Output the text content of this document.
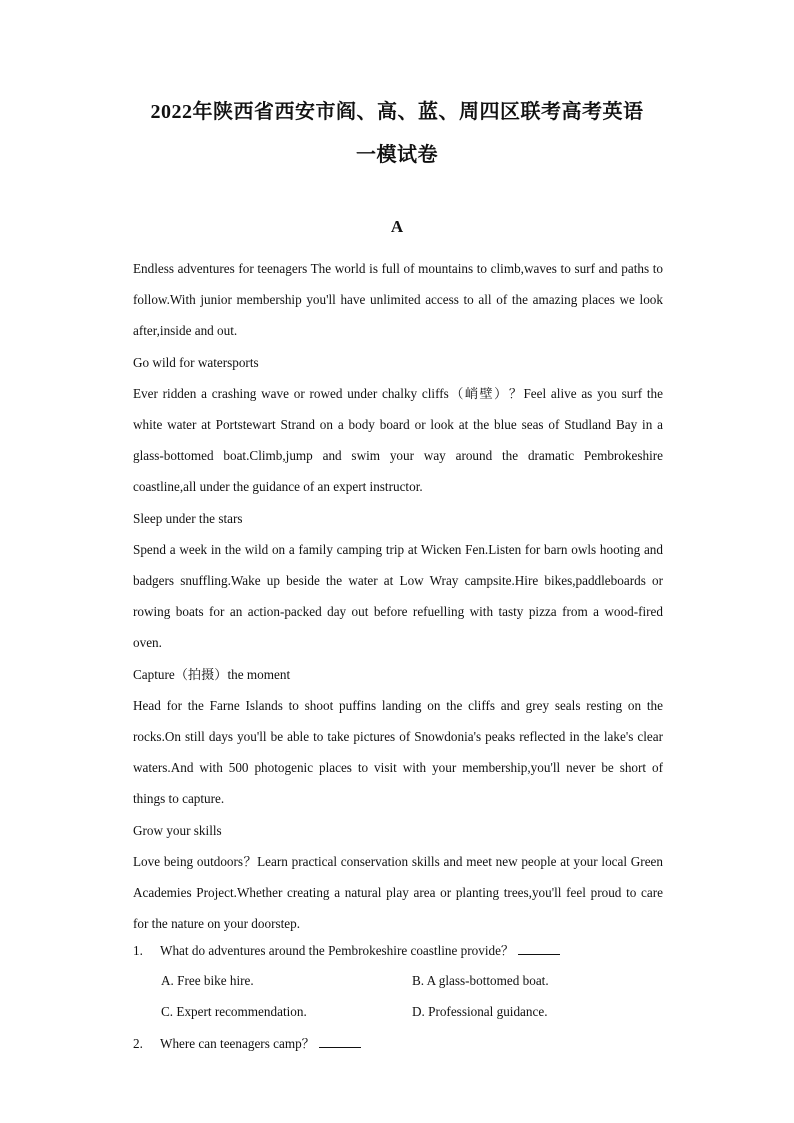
2022年陕西省西安市阎、高、蓝、周四区联考高考英语
一模试卷
A

Endless adventures for teenagers The world is full of mountains to climb,waves to surf and paths to follow.With junior membership you'll have unlimited access to all of the amazing places we look after,inside and out.

Go wild for watersports

Ever ridden a crashing wave or rowed under chalky cliffs（峭壁）？Feel alive as you surf the white water at Portstewart Strand on a body board or look at the blue seas of Studland Bay in a glass-bottomed boat.Climb,jump and swim your way around the dramatic Pembrokeshire coastline,all under the guidance of an expert instructor.

Sleep under the stars

Spend a week in the wild on a family camping trip at Wicken Fen.Listen for barn owls hooting and badgers snuffling.Wake up beside the water at Low Wray campsite.Hire bikes,paddleboards or rowing boats for an action-packed day out before refuelling with tasty pizza from a wood-fired oven.

Capture（拍摄）the moment

Head for the Farne Islands to shoot puffins landing on the cliffs and grey seals resting on the rocks.On still days you'll be able to take pictures of Snowdonia's peaks reflected in the lake's clear waters.And with 500 photogenic places to visit with your membership,you'll never be short of things to capture.

Grow your skills

Love being outdoors？Learn practical conservation skills and meet new people at your local Green Academies Project.Whether creating a natural play area or planting trees,you'll feel proud to care for the nature on your doorstep.

1. What do adventures around the Pembrokeshire coastline provide？
A. Free bike hire.	B. A glass-bottomed boat.
C. Expert recommendation.	D. Professional guidance.
2. Where can teenagers camp？
